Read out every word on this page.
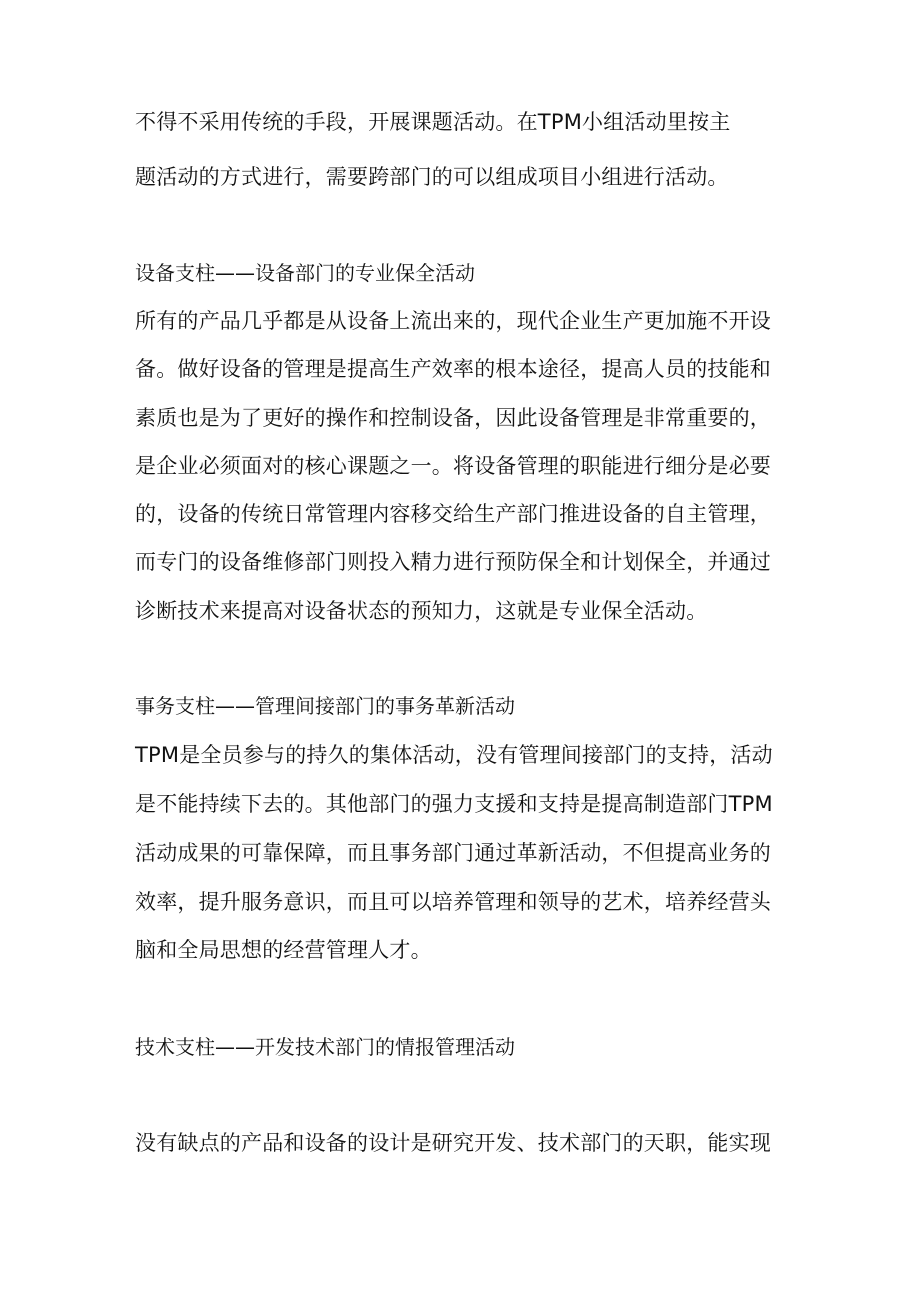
不得不采用传统的手段，开展课题活动。在TPM小组活动里按主

题活动的方式进行，需要跨部门的可以组成项目小组进行活动。

设备支柱——设备部门的专业保全活动

所有的产品几乎都是从设备上流出来的，现代企业生产更加施不开设

备。做好设备的管理是提高生产效率的根本途径，提高人员的技能和

素质也是为了更好的操作和控制设备，因此设备管理是非常重要的，

是企业必须面对的核心课题之一。将设备管理的职能进行细分是必要

的，设备的传统日常管理内容移交给生产部门推进设备的自主管理，

而专门的设备维修部门则投入精力进行预防保全和计划保全，并通过

诊断技术来提高对设备状态的预知力，这就是专业保全活动。

事务支柱——管理间接部门的事务革新活动

TPM是全员参与的持久的集体活动，没有管理间接部门的支持，活动

是不能持续下去的。其他部门的强力支援和支持是提高制造部门TPM

活动成果的可靠保障，而且事务部门通过革新活动，不但提高业务的

效率，提升服务意识，而且可以培养管理和领导的艺术，培养经营头

脑和全局思想的经营管理人才。

技术支柱——开发技术部门的情报管理活动

没有缺点的产品和设备的设计是研究开发、技术部门的天职，能实现
